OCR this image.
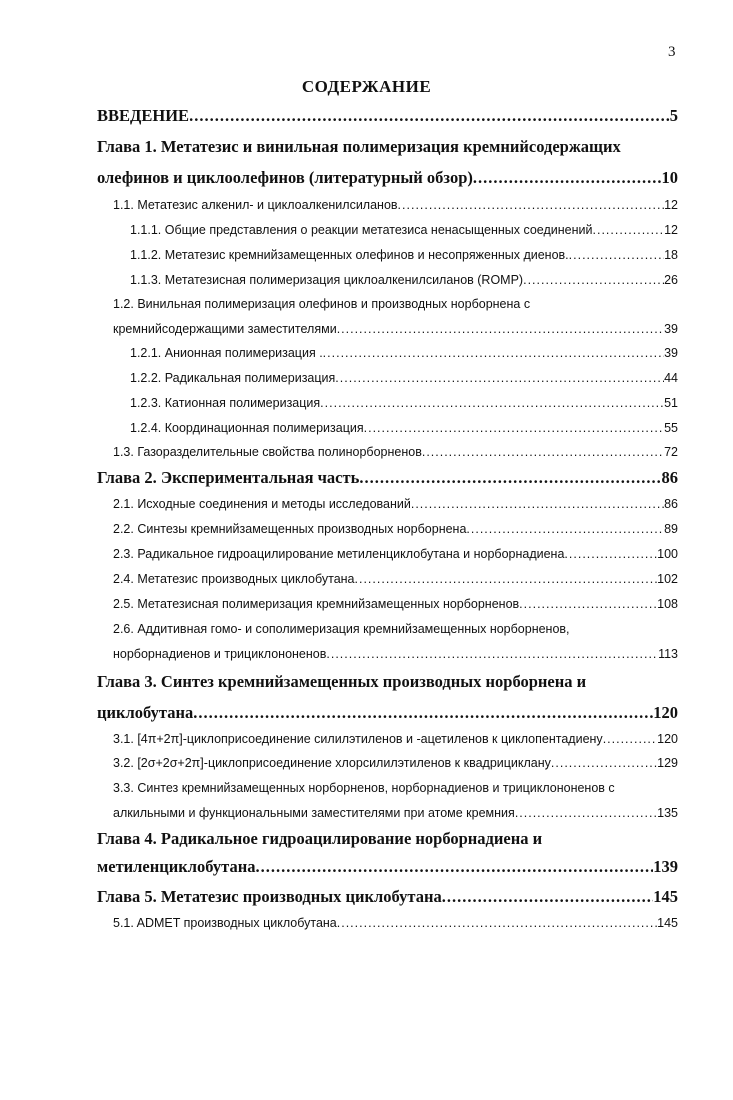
3
СОДЕРЖАНИЕ
ВВЕДЕНИЕ .....	5
Глава 1. Метатезис и винильная полимеризация кремнийсодержащих
олефинов и циклоолефинов (литературный обзор) .....	10
1.1. Метатезис алкенил- и циклоалкенилсиланов .....	12
1.1.1. Общие представления о реакции метатезиса ненасыщенных соединений .....	12
1.1.2. Метатезис кремнийзамещенных олефинов и несопряженных диенов. .....	18
1.1.3. Метатезисная полимеризация циклоалкенилсиланов (ROMP) .....	26
1.2. Винильная полимеризация олефинов и производных норборнена с
кремнийсодержащими заместителями .....	39
1.2.1. Анионная полимеризация . .....	39
1.2.2. Радикальная полимеризация .....	44
1.2.3. Катионная полимеризация .....	51
1.2.4. Координационная полимеризация .....	55
1.3. Газоразделительные свойства полинорборненов .....	72
Глава 2. Экспериментальная часть .....	86
2.1. Исходные соединения и методы исследований .....	86
2.2. Синтезы кремнийзамещенных производных норборнена .....	89
2.3. Радикальное гидроацилирование метиленциклобутана и норборнадиена .....	100
2.4. Метатезис производных циклобутана .....	102
2.5. Метатезисная полимеризация кремнийзамещенных норборненов .....	108
2.6. Аддитивная гомо- и сополимеризация кремнийзамещенных норборненов,
норборнадиенов и трициклононенов .....	113
Глава 3. Синтез кремнийзамещенных производных норборнена и
циклобутана .....	120
3.1. [4π+2π]-циклоприсоединение силилэтиленов и -ацетиленов к циклопентадиену .....	120
3.2. [2σ+2σ+2π]-циклоприсоединение хлорсилилэтиленов к квадрициклану .....	129
3.3. Синтез кремнийзамещенных норборненов, норборнадиенов и трициклононенов с
алкильными и функциональными заместителями при атоме кремния .....	135
Глава 4. Радикальное гидроацилирование норборнадиена и
метиленциклобутана .....	139
Глава 5. Метатезис производных циклобутана .....	145
5.1. ADMET производных циклобутана .....	145
